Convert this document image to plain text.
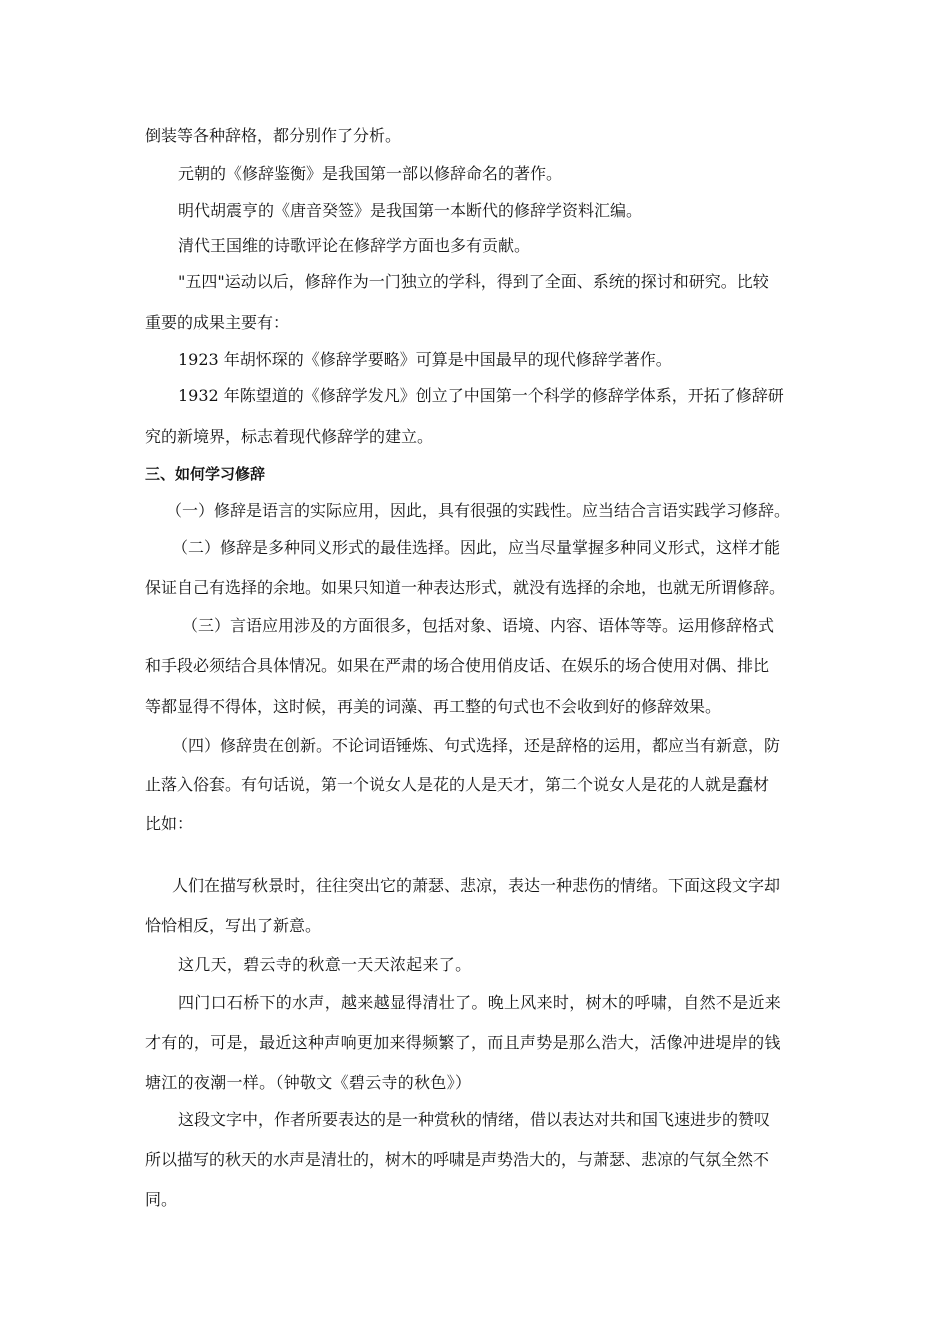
倒装等各种辞格，都分别作了分析。
元朝的《修辞鉴衡》是我国第一部以修辞命名的著作。
明代胡震亨的《唐音癸签》是我国第一本断代的修辞学资料汇编。
清代王国维的诗歌评论在修辞学方面也多有贡献。
"五四"运动以后，修辞作为一门独立的学科，得到了全面、系统的探讨和研究。比较
重要的成果主要有：
1923 年胡怀琛的《修辞学要略》可算是中国最早的现代修辞学著作。
1932 年陈望道的《修辞学发凡》创立了中国第一个科学的修辞学体系，开拓了修辞研
究的新境界，标志着现代修辞学的建立。
三、如何学习修辞
（一）修辞是语言的实际应用，因此，具有很强的实践性。应当结合言语实践学习修辞。
（二）修辞是多种同义形式的最佳选择。因此，应当尽量掌握多种同义形式，这样才能
保证自己有选择的余地。如果只知道一种表达形式，就没有选择的余地，也就无所谓修辞。
（三）言语应用涉及的方面很多，包括对象、语境、内容、语体等等。运用修辞格式
和手段必须结合具体情况。如果在严肃的场合使用俏皮话、在娱乐的场合使用对偶、排比
等都显得不得体，这时候，再美的词藻、再工整的句式也不会收到好的修辞效果。
（四）修辞贵在创新。不论词语锤炼、句式选择，还是辞格的运用，都应当有新意，防
止落入俗套。有句话说，第一个说女人是花的人是天才，第二个说女人是花的人就是蠢材
比如：
人们在描写秋景时，往往突出它的萧瑟、悲凉，表达一种悲伤的情绪。下面这段文字却
恰恰相反，写出了新意。
这几天，碧云寺的秋意一天天浓起来了。
四门口石桥下的水声，越来越显得清壮了。晚上风来时，树木的呼啸，自然不是近来
才有的，可是，最近这种声响更加来得频繁了，而且声势是那么浩大，活像冲进堤岸的钱
塘江的夜潮一样。（钟敬文《碧云寺的秋色》）
这段文字中，作者所要表达的是一种赏秋的情绪，借以表达对共和国飞速进步的赞叹
所以描写的秋天的水声是清壮的，树木的呼啸是声势浩大的，与萧瑟、悲凉的气氛全然不
同。
